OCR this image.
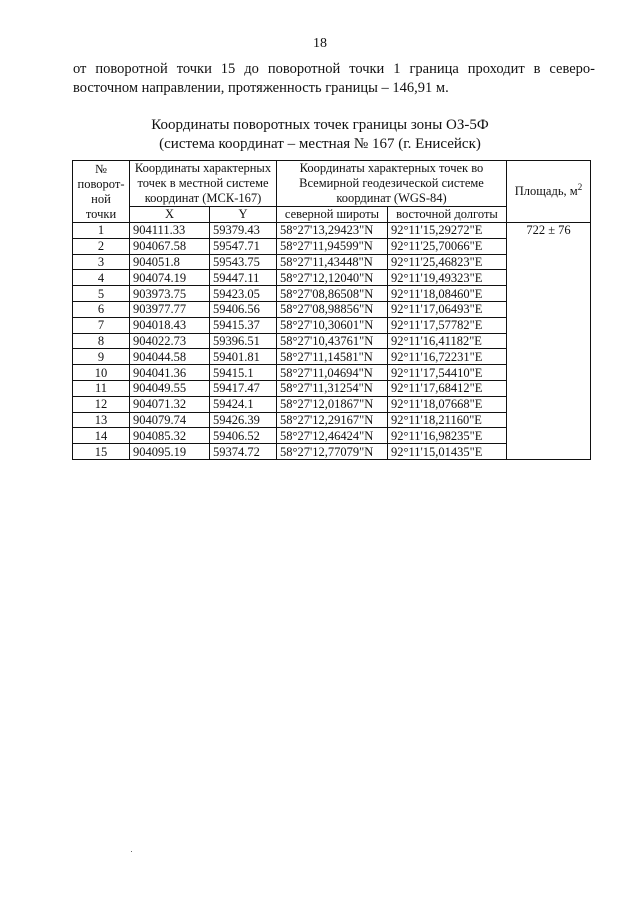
18
от поворотной точки 15 до поворотной точки 1 граница проходит в северо-восточном направлении, протяженность границы – 146,91 м.
Координаты поворотных точек границы зоны ОЗ-5Ф
(система координат – местная № 167 (г. Енисейск)
№ поворот-ной точки	Координаты характерных точек в местной системе координат (МСК-167)		Координаты характерных точек во Всемирной геодезической системе координат (WGS-84)		Площадь, $м^2$
	X	Y	северной широты	восточной долготы	
1	904111.33	59379.43	58°27'13,29423"N	92°11'15,29272"E	722 ± 76
2	904067.58	59547.71	58°27'11,94599"N	92°11'25,70066"E	
3	904051.8	59543.75	58°27'11,43448"N	92°11'25,46823"E	
4	904074.19	59447.11	58°27'12,12040"N	92°11'19,49323"E	
5	903973.75	59423.05	58°27'08,86508"N	92°11'18,08460"E	
6	903977.77	59406.56	58°27'08,98856"N	92°11'17,06493"E	
7	904018.43	59415.37	58°27'10,30601"N	92°11'17,57782"E	
8	904022.73	59396.51	58°27'10,43761"N	92°11'16,41182"E	
9	904044.58	59401.81	58°27'11,14581"N	92°11'16,72231"E	
10	904041.36	59415.1	58°27'11,04694"N	92°11'17,54410"E	
11	904049.55	59417.47	58°27'11,31254"N	92°11'17,68412"E	
12	904071.32	59424.1	58°27'12,01867"N	92°11'18,07668"E	
13	904079.74	59426.39	58°27'12,29167"N	92°11'18,21160"E	
14	904085.32	59406.52	58°27'12,46424"N	92°11'16,98235"E	
15	904095.19	59374.72	58°27'12,77079"N	92°11'15,01435"E	
